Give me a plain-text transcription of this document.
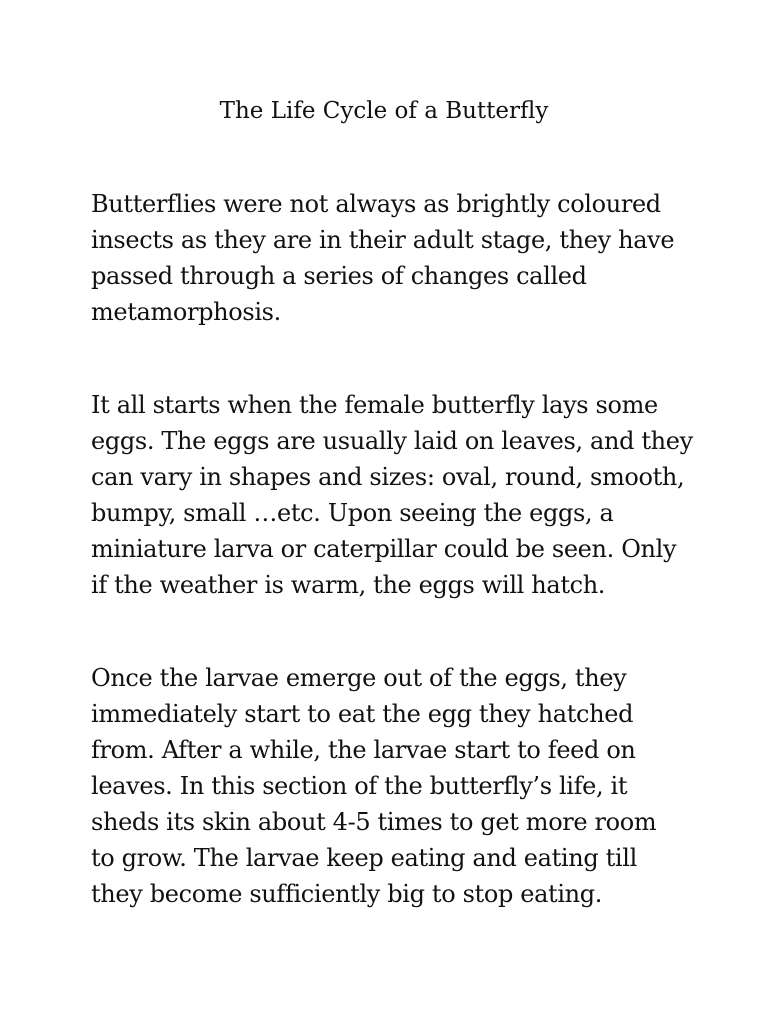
The Life Cycle of a Butterfly

Butterflies were not always as brightly coloured
insects as they are in their adult stage, they have
passed through a series of changes called
metamorphosis.

It all starts when the female butterfly lays some
eggs. The eggs are usually laid on leaves, and they
can vary in shapes and sizes: oval, round, smooth,
bumpy, small …etc. Upon seeing the eggs, a
miniature larva or caterpillar could be seen. Only
if the weather is warm, the eggs will hatch.

Once the larvae emerge out of the eggs, they
immediately start to eat the egg they hatched
from. After a while, the larvae start to feed on
leaves. In this section of the butterfly’s life, it
sheds its skin about 4-5 times to get more room
to grow. The larvae keep eating and eating till
they become sufficiently big to stop eating.
